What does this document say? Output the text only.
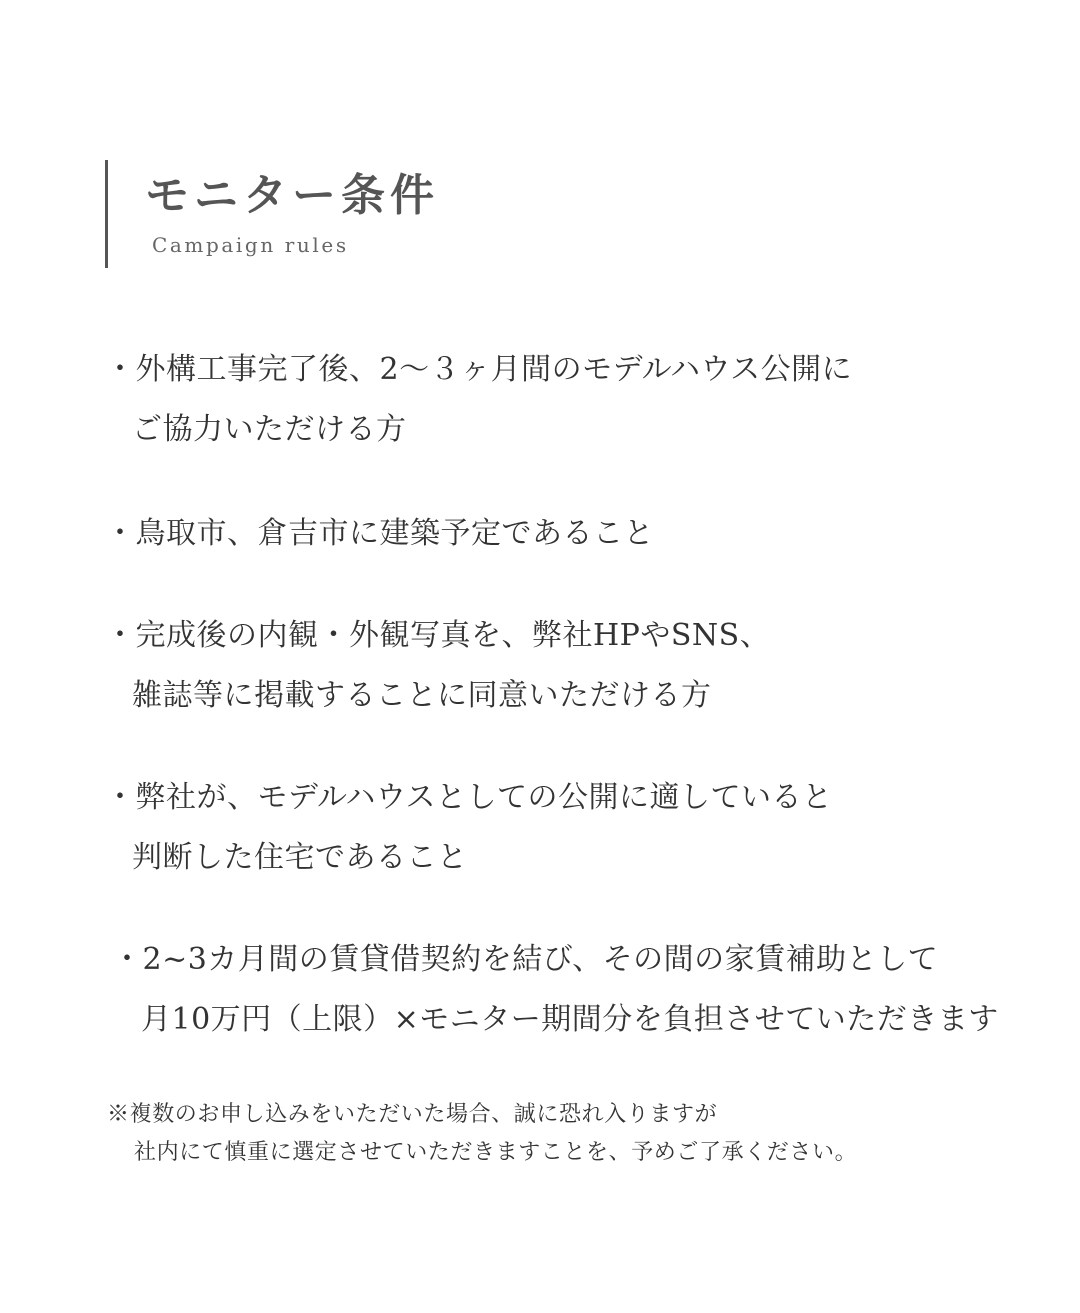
モニター条件
Campaign rules
・外構工事完了後、2〜３ヶ月間のモデルハウス公開に
ご協力いただける方
・鳥取市、倉吉市に建築予定であること
・完成後の内観・外観写真を、弊社HPやSNS、
雑誌等に掲載することに同意いただける方
・弊社が、モデルハウスとしての公開に適していると
判断した住宅であること
・2~3カ月間の賃貸借契約を結び、その間の家賃補助として
月10万円（上限）×モニター期間分を負担させていただきます
※複数のお申し込みをいただいた場合、誠に恐れ入りますが
社内にて慎重に選定させていただきますことを、予めご了承ください。
